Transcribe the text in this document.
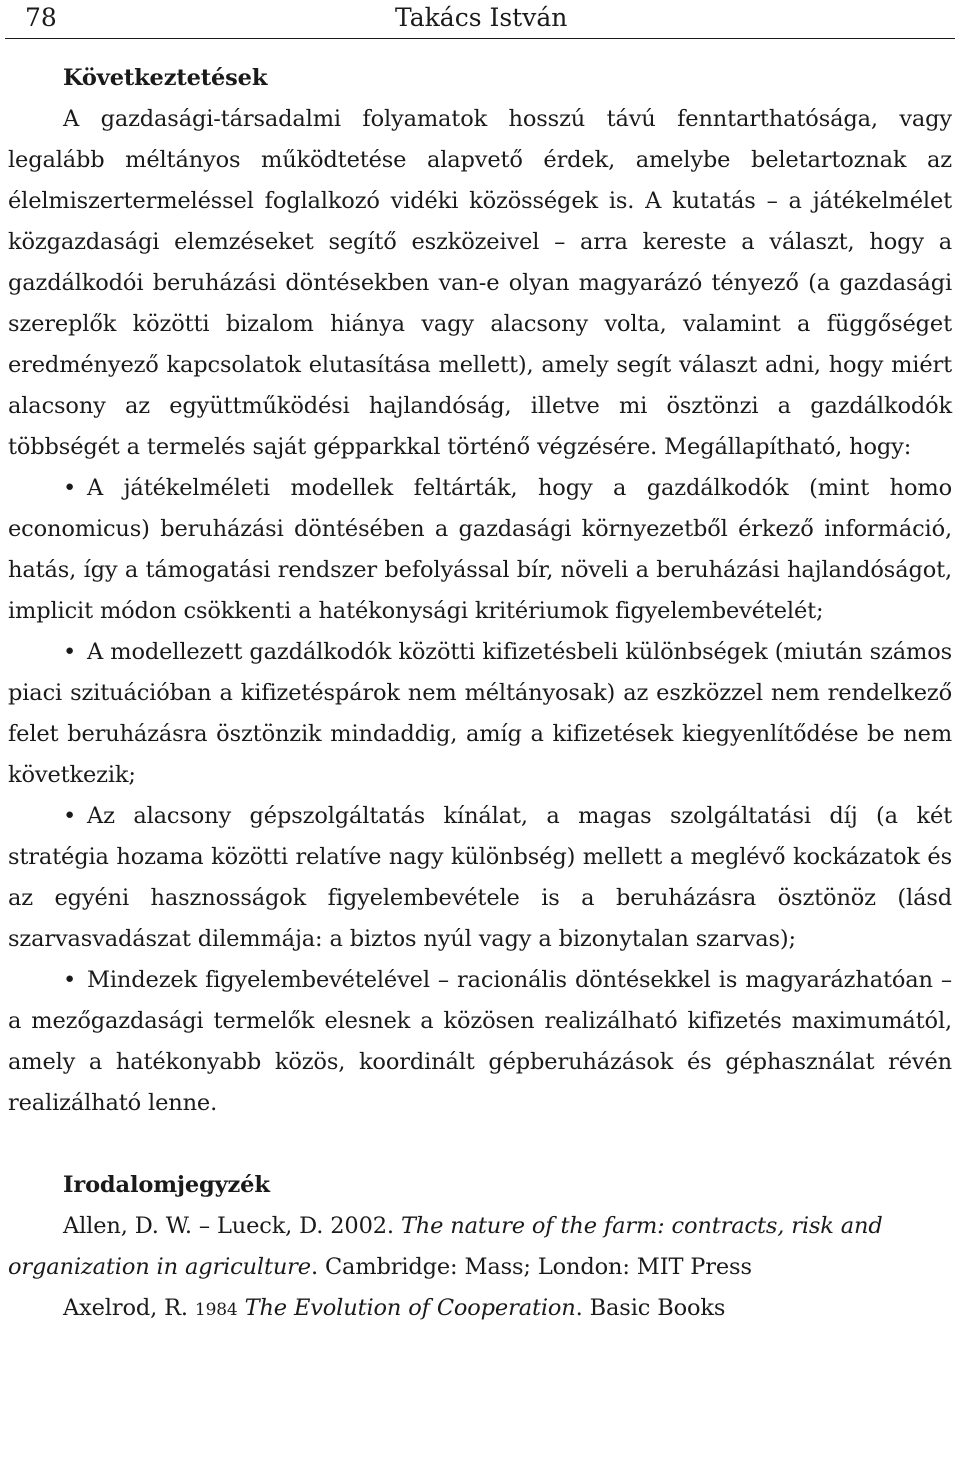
78	Takács István
Következtetések

A gazdasági-társadalmi folyamatok hosszú távú fenntarthatósága, vagy legalább méltányos működtetése alapvető érdek, amelybe beletartoznak az élelmiszertermeléssel foglalkozó vidéki közösségek is. A kutatás – a játékelmélet közgazdasági elemzéseket segítő eszközeivel – arra kereste a választ, hogy a gazdálkodói beruházási döntésekben van-e olyan magyarázó tényező (a gazdasági szereplők közötti bizalom hiánya vagy alacsony volta, valamint a függőséget eredményező kapcsolatok elutasítása mellett), amely segít választ adni, hogy miért alacsony az együttműködési hajlandóság, illetve mi ösztönzi a gazdálkodók többségét a termelés saját gépparkkal történő végzésére. Megállapítható, hogy:

• A játékelméleti modellek feltárták, hogy a gazdálkodók (mint homo economicus) beruházási döntésében a gazdasági környezetből érkező információ, hatás, így a támogatási rendszer befolyással bír, növeli a beruházási hajlandóságot, implicit módon csökkenti a hatékonysági kritériumok figyelembevételét;

• A modellezett gazdálkodók közötti kifizetésbeli különbségek (miután számos piaci szituációban a kifizetéspárok nem méltányosak) az eszközzel nem rendelkező felet beruházásra ösztönzik mindaddig, amíg a kifizetések kiegyenlítődése be nem következik;

• Az alacsony gépszolgáltatás kínálat, a magas szolgáltatási díj (a két stratégia hozama közötti relatíve nagy különbség) mellett a meglévő kockázatok és az egyéni hasznosságok figyelembevétele is a beruházásra ösztönöz (lásd szarvasvadászat dilemmája: a biztos nyúl vagy a bizonytalan szarvas);

• Mindezek figyelembevételével – racionális döntésekkel is magyarázhatóan – a mezőgazdasági termelők elesnek a közösen realizálható kifizetés maximumától, amely a hatékonyabb közös, koordinált gépberuházások és géphasználat révén realizálható lenne.

Irodalomjegyzék

Allen, D. W. – Lueck, D. 2002. The nature of the farm: contracts, risk and organization in agriculture. Cambridge: Mass; London: MIT Press

Axelrod, R. 1984 The Evolution of Cooperation. Basic Books
